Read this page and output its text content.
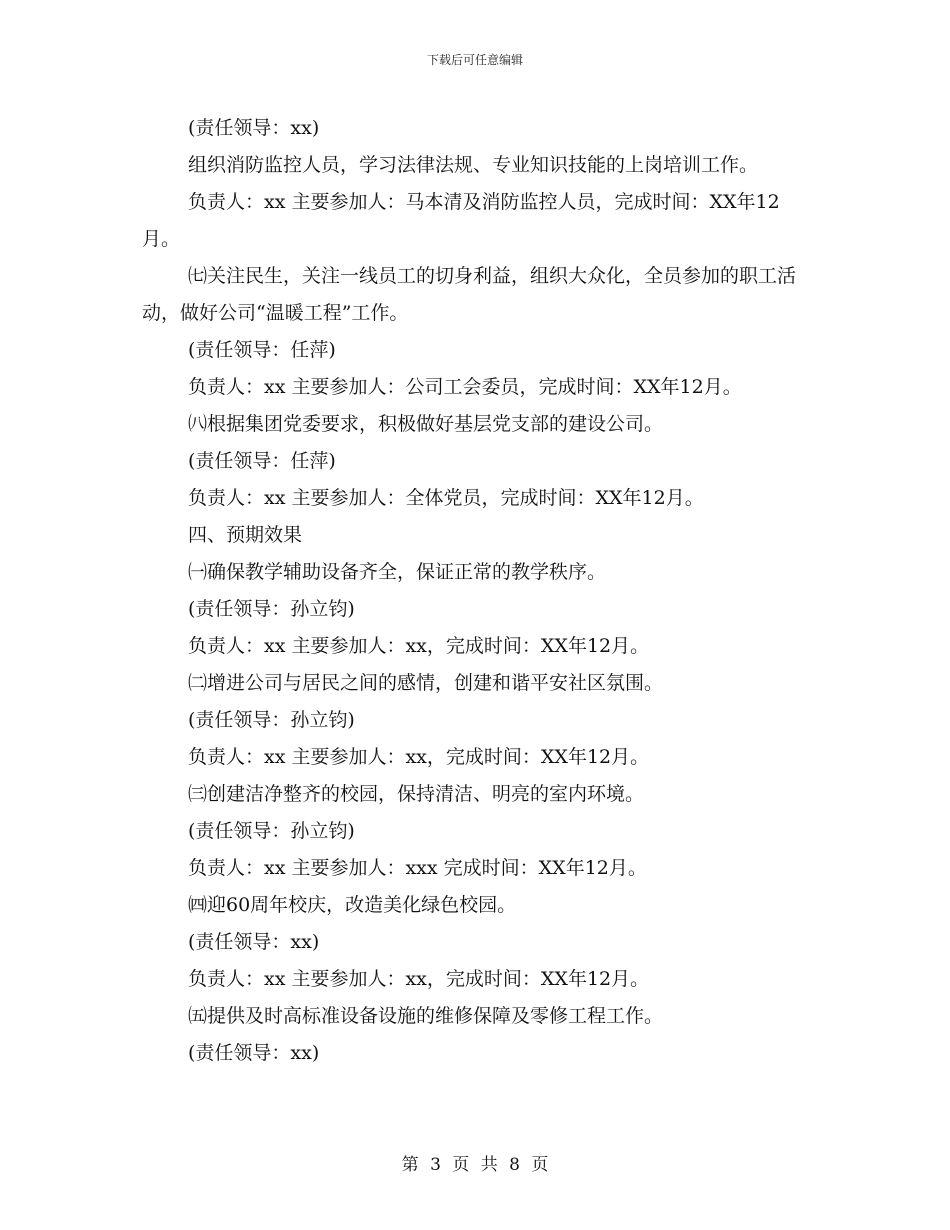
下载后可任意编辑

(责任领导：xx)

组织消防监控人员，学习法律法规、专业知识技能的上岗培训工作。

负责人：xx 主要参加人：马本清及消防监控人员，完成时间：XX年12月。

㈦关注民生，关注一线员工的切身利益，组织大众化，全员参加的职工活动，做好公司“温暖工程”工作。

(责任领导：任萍)

负责人：xx 主要参加人：公司工会委员，完成时间：XX年12月。

㈧根据集团党委要求，积极做好基层党支部的建设公司。

(责任领导：任萍)

负责人：xx 主要参加人：全体党员，完成时间：XX年12月。

四、预期效果

㈠确保教学辅助设备齐全，保证正常的教学秩序。

(责任领导：孙立钧)

负责人：xx 主要参加人：xx，完成时间：XX年12月。

㈡增进公司与居民之间的感情，创建和谐平安社区氛围。

(责任领导：孙立钧)

负责人：xx 主要参加人：xx，完成时间：XX年12月。

㈢创建洁净整齐的校园，保持清洁、明亮的室内环境。

(责任领导：孙立钧)

负责人：xx 主要参加人：xxx 完成时间：XX年12月。

㈣迎60周年校庆，改造美化绿色校园。

(责任领导：xx)

负责人：xx 主要参加人：xx，完成时间：XX年12月。

㈤提供及时高标准设备设施的维修保障及零修工程工作。

(责任领导：xx)

第 3 页 共 8 页
